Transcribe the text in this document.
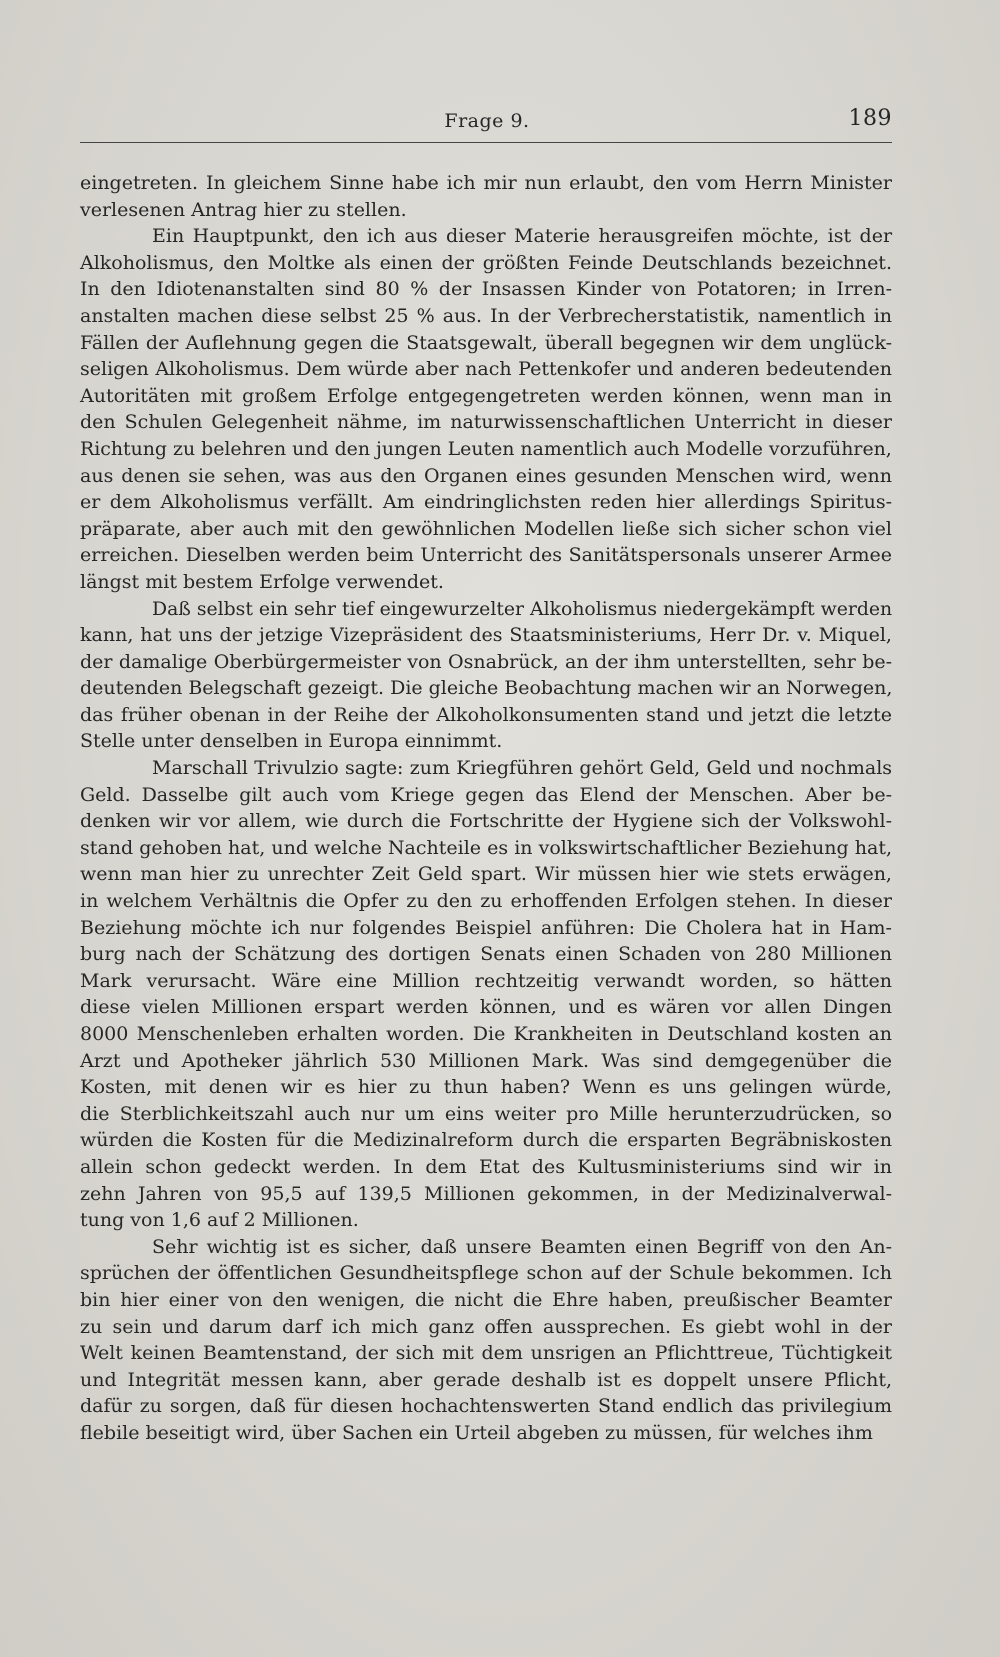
Frage 9.	189
eingetreten. In gleichem Sinne habe ich mir nun erlaubt, den vom Herrn Minister
verlesenen Antrag hier zu stellen.
Ein Hauptpunkt, den ich aus dieser Materie herausgreifen möchte, ist der
Alkoholismus, den Moltke als einen der größten Feinde Deutschlands bezeichnet.
In den Idiotenanstalten sind 80 % der Insassen Kinder von Potatoren; in Irren-
anstalten machen diese selbst 25 % aus. In der Verbrecherstatistik, namentlich in
Fällen der Auflehnung gegen die Staatsgewalt, überall begegnen wir dem unglück-
seligen Alkoholismus. Dem würde aber nach Pettenkofer und anderen bedeutenden
Autoritäten mit großem Erfolge entgegengetreten werden können, wenn man in
den Schulen Gelegenheit nähme, im naturwissenschaftlichen Unterricht in dieser
Richtung zu belehren und den jungen Leuten namentlich auch Modelle vorzuführen,
aus denen sie sehen, was aus den Organen eines gesunden Menschen wird, wenn
er dem Alkoholismus verfällt. Am eindringlichsten reden hier allerdings Spiritus-
präparate, aber auch mit den gewöhnlichen Modellen ließe sich sicher schon viel
erreichen. Dieselben werden beim Unterricht des Sanitätspersonals unserer Armee
längst mit bestem Erfolge verwendet.
Daß selbst ein sehr tief eingewurzelter Alkoholismus niedergekämpft werden
kann, hat uns der jetzige Vizepräsident des Staatsministeriums, Herr Dr. v. Miquel,
der damalige Oberbürgermeister von Osnabrück, an der ihm unterstellten, sehr be-
deutenden Belegschaft gezeigt. Die gleiche Beobachtung machen wir an Norwegen,
das früher obenan in der Reihe der Alkoholkonsumenten stand und jetzt die letzte
Stelle unter denselben in Europa einnimmt.
Marschall Trivulzio sagte: zum Kriegführen gehört Geld, Geld und nochmals
Geld. Dasselbe gilt auch vom Kriege gegen das Elend der Menschen. Aber be-
denken wir vor allem, wie durch die Fortschritte der Hygiene sich der Volkswohl-
stand gehoben hat, und welche Nachteile es in volkswirtschaftlicher Beziehung hat,
wenn man hier zu unrechter Zeit Geld spart. Wir müssen hier wie stets erwägen,
in welchem Verhältnis die Opfer zu den zu erhoffenden Erfolgen stehen. In dieser
Beziehung möchte ich nur folgendes Beispiel anführen: Die Cholera hat in Ham-
burg nach der Schätzung des dortigen Senats einen Schaden von 280 Millionen
Mark verursacht. Wäre eine Million rechtzeitig verwandt worden, so hätten
diese vielen Millionen erspart werden können, und es wären vor allen Dingen
8000 Menschenleben erhalten worden. Die Krankheiten in Deutschland kosten an
Arzt und Apotheker jährlich 530 Millionen Mark. Was sind demgegenüber die
Kosten, mit denen wir es hier zu thun haben? Wenn es uns gelingen würde,
die Sterblichkeitszahl auch nur um eins weiter pro Mille herunterzudrücken, so
würden die Kosten für die Medizinalreform durch die ersparten Begräbniskosten
allein schon gedeckt werden. In dem Etat des Kultusministeriums sind wir in
zehn Jahren von 95,5 auf 139,5 Millionen gekommen, in der Medizinalverwal-
tung von 1,6 auf 2 Millionen.
Sehr wichtig ist es sicher, daß unsere Beamten einen Begriff von den An-
sprüchen der öffentlichen Gesundheitspflege schon auf der Schule bekommen. Ich
bin hier einer von den wenigen, die nicht die Ehre haben, preußischer Beamter
zu sein und darum darf ich mich ganz offen aussprechen. Es giebt wohl in der
Welt keinen Beamtenstand, der sich mit dem unsrigen an Pflichttreue, Tüchtigkeit
und Integrität messen kann, aber gerade deshalb ist es doppelt unsere Pflicht,
dafür zu sorgen, daß für diesen hochachtenswerten Stand endlich das privilegium
flebile beseitigt wird, über Sachen ein Urteil abgeben zu müssen, für welches ihm
